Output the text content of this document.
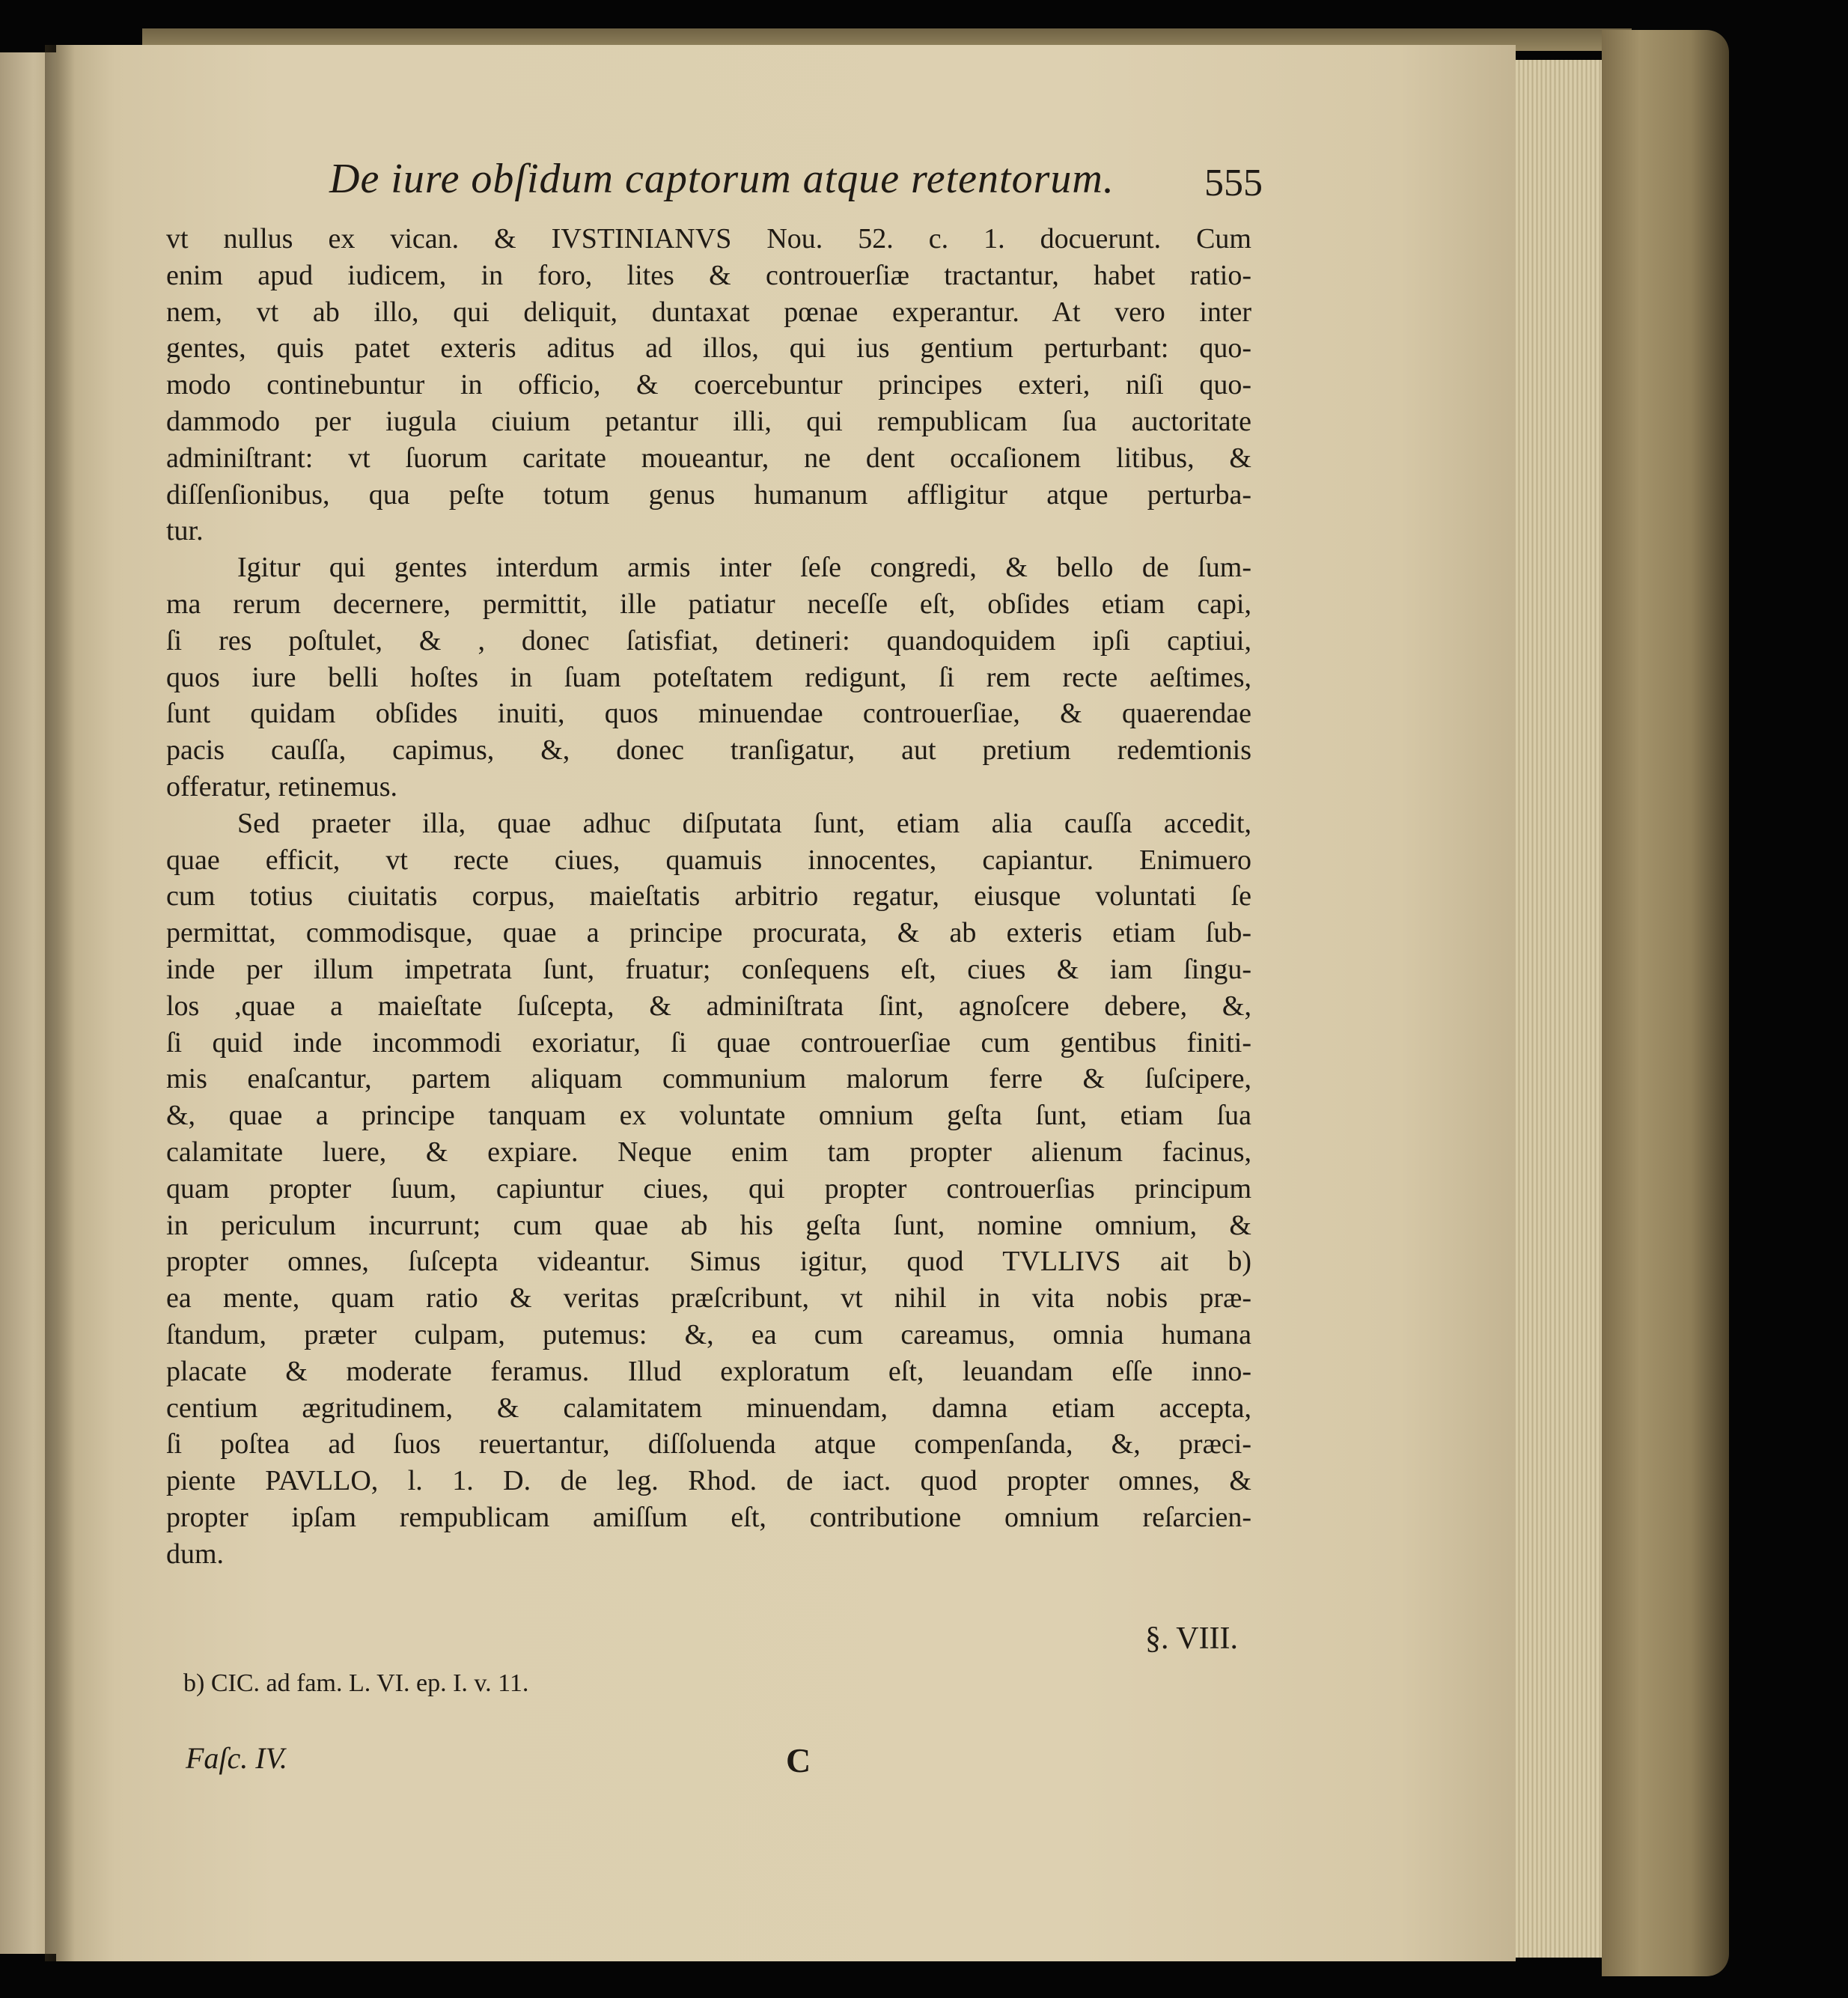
De iure obſidum captorum atque retentorum. 555
vt nullus ex vican. & IVSTINIANVS Nou. 52. c. 1. docuerunt. Cum
enim apud iudicem, in foro, lites & controuerſiæ tractantur, habet ratio-
nem, vt ab illo, qui deliquit, duntaxat pœnae experantur. At vero inter
gentes, quis patet exteris aditus ad illos, qui ius gentium perturbant: quo-
modo continebuntur in officio, & coercebuntur principes exteri, niſi quo-
dammodo per iugula ciuium petantur illi, qui rempublicam ſua auctoritate
adminiſtrant: vt ſuorum caritate moueantur, ne dent occaſionem litibus, &
diſſenſionibus, qua peſte totum genus humanum affligitur atque perturba-
tur.
Igitur qui gentes interdum armis inter ſeſe congredi, & bello de ſum-
ma rerum decernere, permittit, ille patiatur neceſſe eſt, obſides etiam capi,
ſi res poſtulet, & , donec ſatisfiat, detineri: quandoquidem ipſi captiui,
quos iure belli hoſtes in ſuam poteſtatem redigunt, ſi rem recte aeſtimes,
ſunt quidam obſides inuiti, quos minuendae controuerſiae, & quaerendae
pacis cauſſa, capimus, &, donec tranſigatur, aut pretium redemtionis
offeratur, retinemus.
Sed praeter illa, quae adhuc diſputata ſunt, etiam alia cauſſa accedit,
quae efficit, vt recte ciues, quamuis innocentes, capiantur. Enimuero
cum totius ciuitatis corpus, maieſtatis arbitrio regatur, eiusque voluntati ſe
permittat, commodisque, quae a principe procurata, & ab exteris etiam ſub-
inde per illum impetrata ſunt, fruatur; conſequens eſt, ciues & iam ſingu-
los ,quae a maieſtate ſuſcepta, & adminiſtrata ſint, agnoſcere debere, &,
ſi quid inde incommodi exoriatur, ſi quae controuerſiae cum gentibus finiti-
mis enaſcantur, partem aliquam communium malorum ferre & ſuſcipere,
&, quae a principe tanquam ex voluntate omnium geſta ſunt, etiam ſua
calamitate luere, & expiare. Neque enim tam propter alienum facinus,
quam propter ſuum, capiuntur ciues, qui propter controuerſias principum
in periculum incurrunt; cum quae ab his geſta ſunt, nomine omnium, &
propter omnes, ſuſcepta videantur. Simus igitur, quod TVLLIVS ait b)
ea mente, quam ratio & veritas præſcribunt, vt nihil in vita nobis præ-
ſtandum, præter culpam, putemus: &, ea cum careamus, omnia humana
placate & moderate feramus. Illud exploratum eſt, leuandam eſſe inno-
centium ægritudinem, & calamitatem minuendam, damna etiam accepta,
ſi poſtea ad ſuos reuertantur, diſſoluenda atque compenſanda, &, præci-
piente PAVLLO, l. 1. D. de leg. Rhod. de iact. quod propter omnes, &
propter ipſam rempublicam amiſſum eſt, contributione omnium reſarcien-
dum.
§. VIII.
b) CIC. ad fam. L. VI. ep. I. v. 11.
Faſc. IV.	C
